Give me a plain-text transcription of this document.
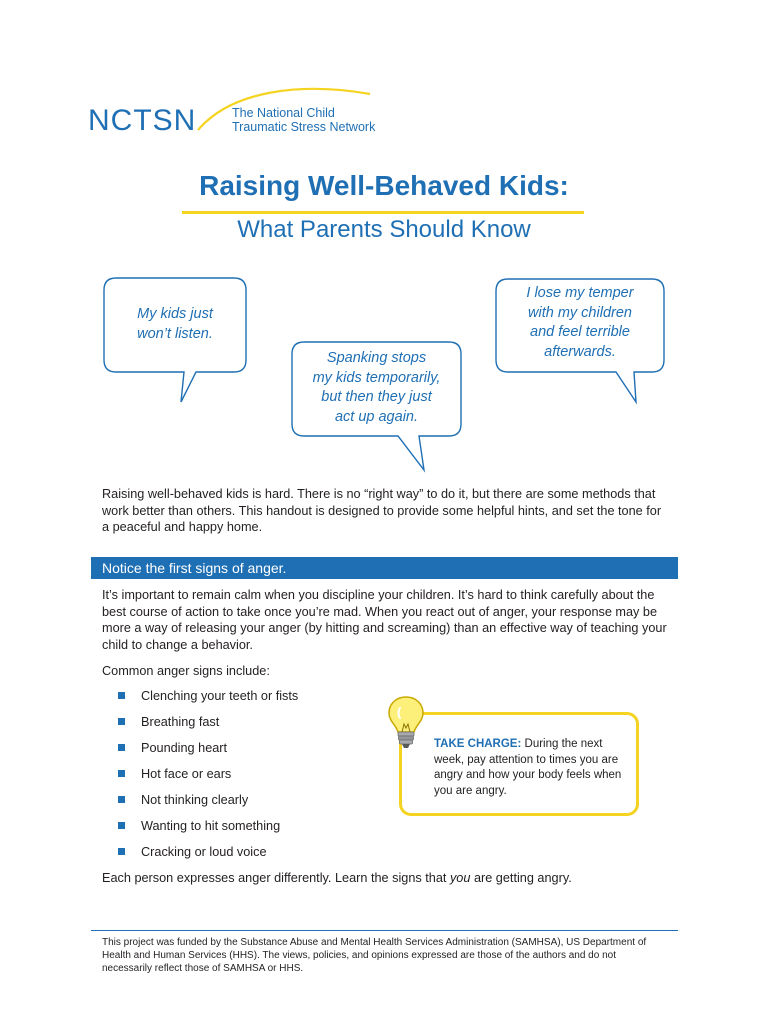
NCTSN	The National Child
Traumatic Stress Network
Raising Well-Behaved Kids:
What Parents Should Know
My kids just
won’t listen.
Spanking stops
my kids temporarily,
but then they just
act up again.
I lose my temper
with my children
and feel terrible
afterwards.

Raising well-behaved kids is hard. There is no “right way” to do it, but there are some methods that work better than others. This handout is designed to provide some helpful hints, and set the tone for a peaceful and happy home.

Notice the first signs of anger.

It’s important to remain calm when you discipline your children. It’s hard to think carefully about the best course of action to take once you’re mad. When you react out of anger, your response may be more a way of releasing your anger (by hitting and screaming) than an effective way of teaching your child to change a behavior.

Common anger signs include:

Clenching your teeth or fists
Breathing fast
Pounding heart
Hot face or ears
Not thinking clearly
Wanting to hit something
Cracking or loud voice

Each person expresses anger differently. Learn the signs that you are getting angry.

TAKE CHARGE: During the next week, pay attention to times you are angry and how your body feels when you are angry.

This project was funded by the Substance Abuse and Mental Health Services Administration (SAMHSA), US Department of Health and Human Services (HHS). The views, policies, and opinions expressed are those of the authors and do not necessarily reflect those of SAMHSA or HHS.
